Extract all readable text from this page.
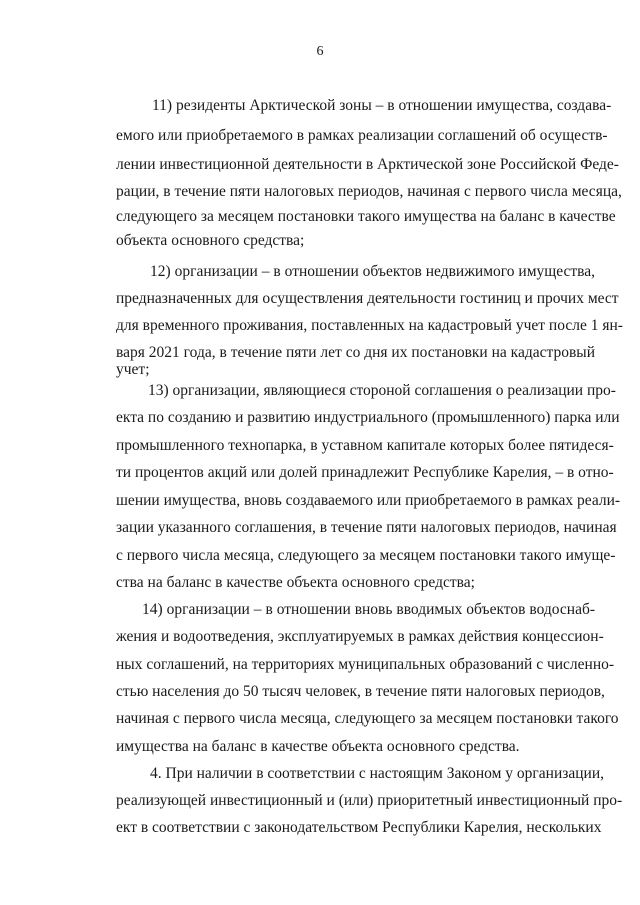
6
11) резиденты Арктической зоны – в отношении имущества, создава-
емого или приобретаемого в рамках реализации соглашений об осуществ-
лении инвестиционной деятельности в Арктической зоне Российской Феде-
рации, в течение пяти налоговых периодов, начиная с первого числа месяца,
следующего за месяцем постановки такого имущества на баланс в качестве
объекта основного средства;
12) организации – в отношении объектов недвижимого имущества,
предназначенных для осуществления деятельности гостиниц и прочих мест
для временного проживания, поставленных на кадастровый учет после 1 ян-
варя 2021 года, в течение пяти лет со дня их постановки на кадастровый
учет;
13) организации, являющиеся стороной соглашения о реализации про-
екта по созданию и развитию индустриального (промышленного) парка или
промышленного технопарка, в уставном капитале которых более пятидеся-
ти процентов акций или долей принадлежит Республике Карелия, – в отно-
шении имущества, вновь создаваемого или приобретаемого в рамках реали-
зации указанного соглашения, в течение пяти налоговых периодов, начиная
с первого числа месяца, следующего за месяцем постановки такого имуще-
ства на баланс в качестве объекта основного средства;
14) организации – в отношении вновь вводимых объектов водоснаб-
жения и водоотведения, эксплуатируемых в рамках действия концессион-
ных соглашений, на территориях муниципальных образований с численно-
стью населения до 50 тысяч человек, в течение пяти налоговых периодов,
начиная с первого числа месяца, следующего за месяцем постановки такого
имущества на баланс в качестве объекта основного средства.
4. При наличии в соответствии с настоящим Законом у организации,
реализующей инвестиционный и (или) приоритетный инвестиционный про-
ект в соответствии с законодательством Республики Карелия, нескольких
